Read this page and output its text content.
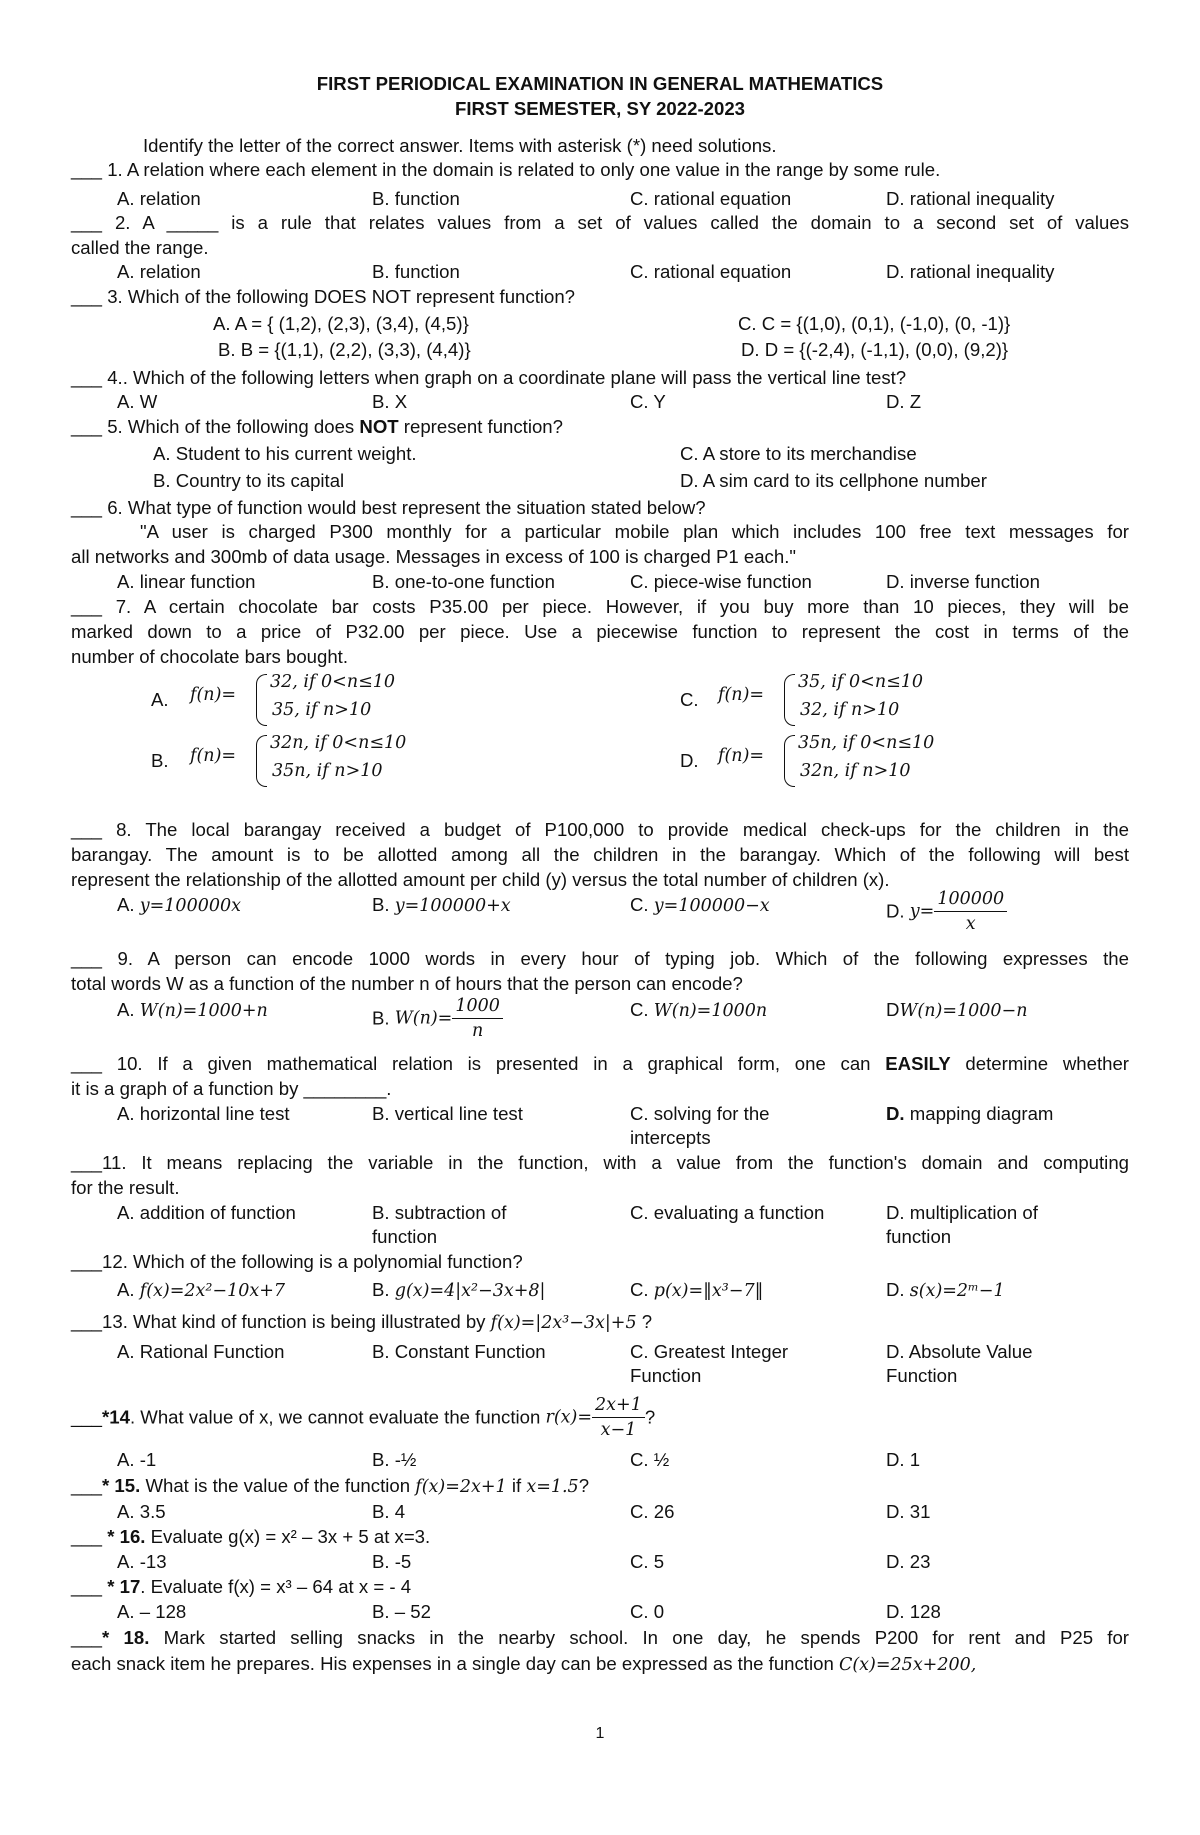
FIRST PERIODICAL EXAMINATION IN GENERAL MATHEMATICS
FIRST SEMESTER, SY 2022-2023
Identify the letter of the correct answer. Items with asterisk (*) need solutions.
___ 1. A relation where each element in the domain is related to only one value in the range by some rule.
A. relation	B. function	C. rational equation	D. rational inequality
___ 2. A _____ is a rule that relates values from a set of values called the domain to a second set of values
called the range.
A. relation	B. function	C. rational equation	D. rational inequality
___ 3. Which of the following DOES NOT represent function?
A. A = { (1,2), (2,3), (3,4), (4,5)}	C. C = {(1,0), (0,1), (-1,0), (0, -1)}
B. B = {(1,1), (2,2), (3,3), (4,4)}	D. D = {(-2,4), (-1,1), (0,0), (9,2)}
___ 4.. Which of the following letters when graph on a coordinate plane will pass the vertical line test?
A. W	B. X	C. Y	D. Z
___ 5. Which of the following does NOT represent function?
A. Student to his current weight.	C. A store to its merchandise
B. Country to its capital	D. A sim card to its cellphone number
___ 6. What type of function would best represent the situation stated below?
"A user is charged P300 monthly for a particular mobile plan which includes 100 free text messages for
all networks and 300mb of data usage. Messages in excess of 100 is charged P1 each."
A. linear function	B. one-to-one function	C. piece-wise function	D. inverse function
___ 7. A certain chocolate bar costs P35.00 per piece. However, if you buy more than 10 pieces, they will be
marked down to a price of P32.00 per piece. Use a piecewise function to represent the cost in terms of the
number of chocolate bars bought.
A. f(n)=
32, if 0<n≤10
35, if n>10	C. f(n)=
35, if 0<n≤10
32, if n>10
B. f(n)=
32n, if 0<n≤10
35n, if n>10	D. f(n)=
35n, if 0<n≤10
32n, if n>10
___ 8. The local barangay received a budget of P100,000 to provide medical check-ups for the children in the
barangay. The amount is to be allotted among all the children in the barangay. Which of the following will best
represent the relationship of the allotted amount per child (y) versus the total number of children (x).
A. y=100000x	B. y=100000+x	C. y=100000−x	D. $y= \frac{100000}{x}$
___ 9. A person can encode 1000 words in every hour of typing job. Which of the following expresses the
total words W as a function of the number n of hours that the person can encode?
A. W(n)=1000+n	B. $W(n)= \frac{1000}{n}$	C. W(n)=1000n	DW(n)=1000−n
___ 10. If a given mathematical relation is presented in a graphical form, one can EASILY determine whether
it is a graph of a function by ________.
A. horizontal line test	B. vertical line test	C. solving for the
intercepts
D. mapping diagram
___11. It means replacing the variable in the function, with a value from the function's domain and computing
for the result.
A. addition of function	B. subtraction of
function
C. evaluating a function	D. multiplication of
function
___12. Which of the following is a polynomial function?
A. f(x)=2x²−10x+7	B. g(x)=4|x²−3x+8|	C. p(x)=‖x³−7‖	D. s(x)=2ᵐ−1
___13. What kind of function is being illustrated by f(x)=|2x³−3x|+5 ?
A. Rational Function	B. Constant Function	C. Greatest Integer
Function
D. Absolute Value
Function
___*14. What value of x, we cannot evaluate the function $r(x)= \frac{2x+1}{x-1}$ ?
A. -1	B. -½	C. ½	D. 1
___* 15. What is the value of the function f(x)=2x+1 if x=1.5?
A. 3.5	B. 4	C. 26	D. 31
___ * 16. Evaluate g(x) = x² – 3x + 5 at x=3.
A. -13	B. -5	C. 5	D. 23
___ * 17. Evaluate f(x) = x³ – 64 at x = - 4
A. – 128	B. – 52	C. 0	D. 128
___* 18. Mark started selling snacks in the nearby school. In one day, he spends P200 for rent and P25 for
each snack item he prepares. His expenses in a single day can be expressed as the function C(x)=25x+200,
1
